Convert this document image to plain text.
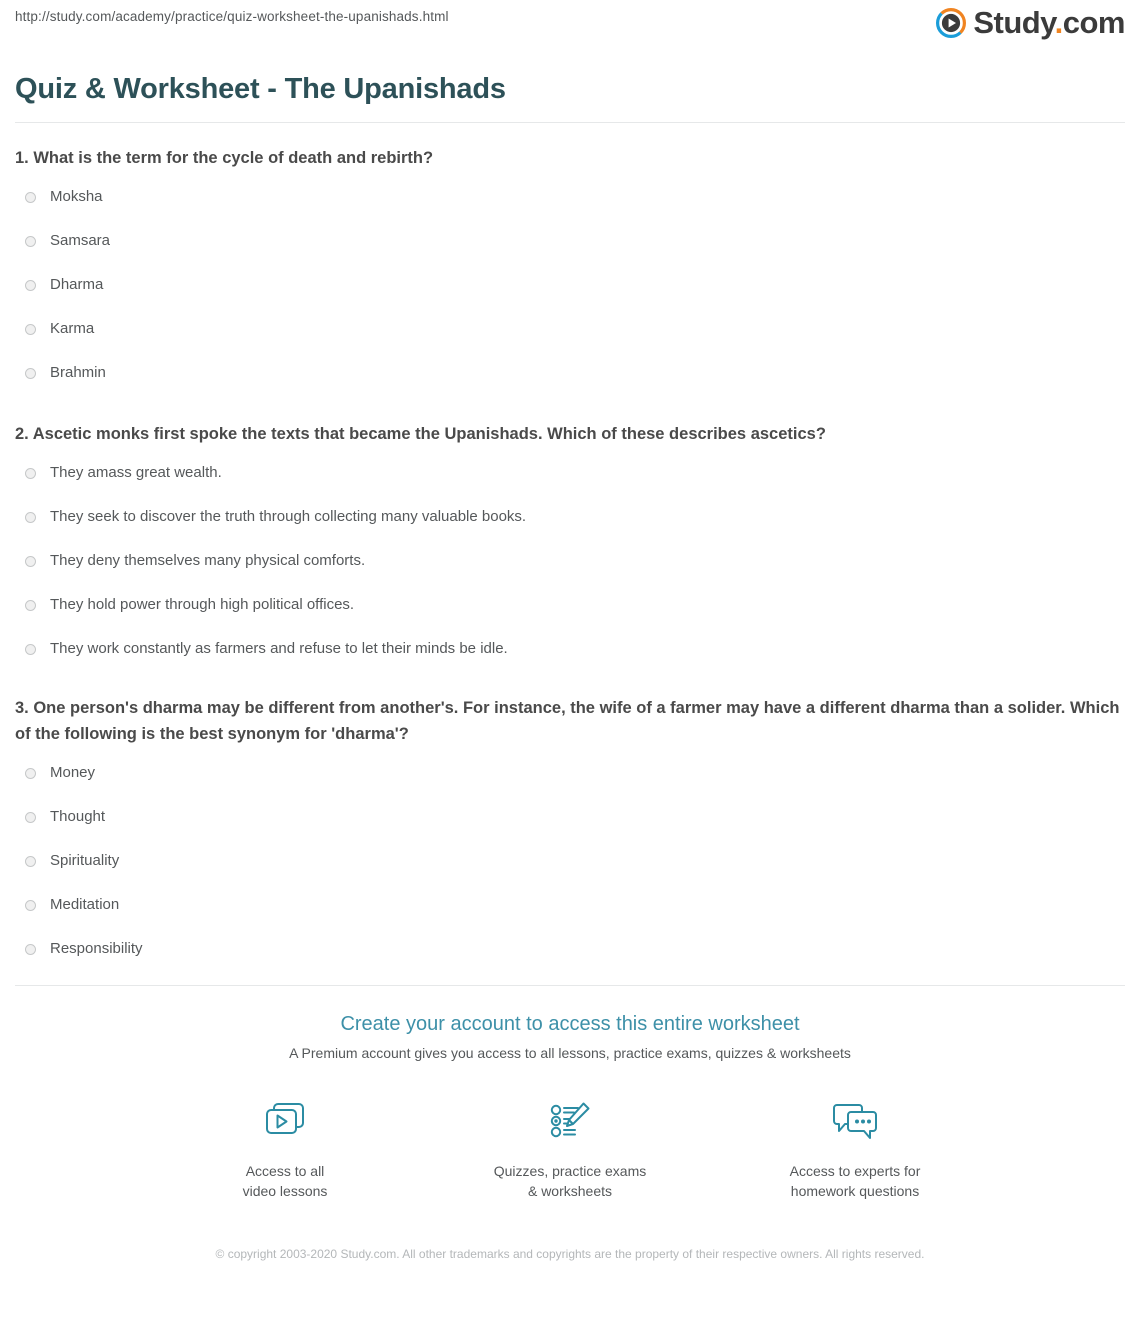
http://study.com/academy/practice/quiz-worksheet-the-upanishads.html	Study.com
Quiz & Worksheet - The Upanishads

1. What is the term for the cycle of death and rebirth?

Moksha
Samsara
Dharma
Karma
Brahmin

2. Ascetic monks first spoke the texts that became the Upanishads. Which of these describes ascetics?

They amass great wealth.
They seek to discover the truth through collecting many valuable books.
They deny themselves many physical comforts.
They hold power through high political offices.
They work constantly as farmers and refuse to let their minds be idle.

3. One person's dharma may be different from another's. For instance, the wife of a farmer may have a different dharma than a solider. Which of the following is the best synonym for 'dharma'?

Money
Thought
Spirituality
Meditation
Responsibility
Create your account to access this entire worksheet
A Premium account gives you access to all lessons, practice exams, quizzes & worksheets
Access to all
video lessons
Quizzes, practice exams
& worksheets
Access to experts for
homework questions
© copyright 2003-2020 Study.com. All other trademarks and copyrights are the property of their respective owners. All rights reserved.
